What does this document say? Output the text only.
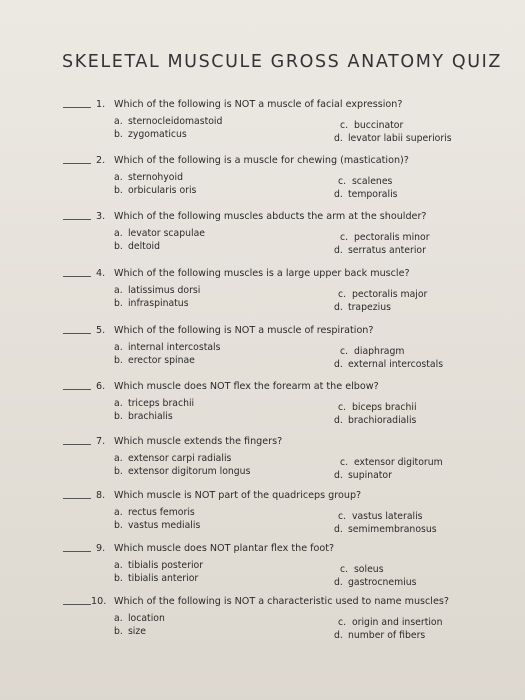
SKELETAL MUSCULE GROSS ANATOMY QUIZ
1. Which of the following is NOT a muscle of facial expression?
a. sternocleidomastoid
b. zygomaticus
c. buccinator
d. levator labii superioris
2. Which of the following is a muscle for chewing (mastication)?
a. sternohyoid
b. orbicularis oris
c. scalenes
d. temporalis
3. Which of the following muscles abducts the arm at the shoulder?
a. levator scapulae
b. deltoid
c. pectoralis minor
d. serratus anterior
4. Which of the following muscles is a large upper back muscle?
a. latissimus dorsi
b. infraspinatus
c. pectoralis major
d. trapezius
5. Which of the following is NOT a muscle of respiration?
a. internal intercostals
b. erector spinae
c. diaphragm
d. external intercostals
6. Which muscle does NOT flex the forearm at the elbow?
a. triceps brachii
b. brachialis
c. biceps brachii
d. brachioradialis
7. Which muscle extends the fingers?
a. extensor carpi radialis
b. extensor digitorum longus
c. extensor digitorum
d. supinator
8. Which muscle is NOT part of the quadriceps group?
a. rectus femoris
b. vastus medialis
c. vastus lateralis
d. semimembranosus
9. Which muscle does NOT plantar flex the foot?
a. tibialis posterior
b. tibialis anterior
c. soleus
d. gastrocnemius
10. Which of the following is NOT a characteristic used to name muscles?
a. location
b. size
c. origin and insertion
d. number of fibers
